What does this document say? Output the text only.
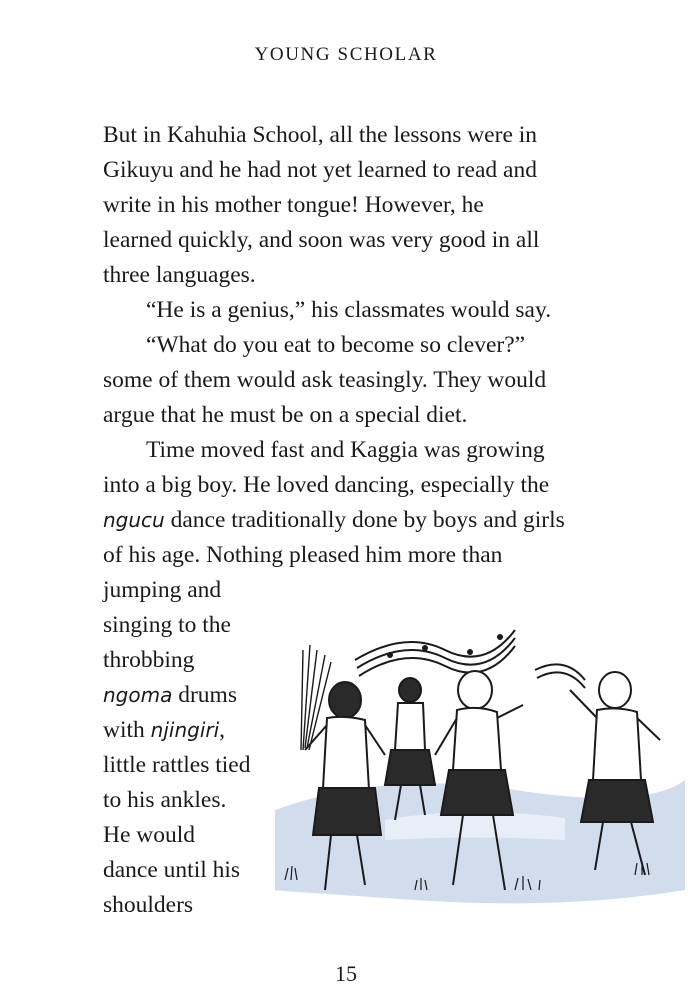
YOUNG SCHOLAR
But in Kahuhia School, all the lessons were in
Gikuyu and he had not yet learned to read and
write in his mother tongue! However, he
learned quickly, and soon was very good in all
three languages.
“He is a genius,” his classmates would say.
“What do you eat to become so clever?”
some of them would ask teasingly. They would
argue that he must be on a special diet.
Time moved fast and Kaggia was growing
into a big boy. He loved dancing, especially the
ngucu dance traditionally done by boys and girls
of his age. Nothing pleased him more than
jumping and
singing to the
throbbing
ngoma drums
with njingiri,
little rattles tied
to his ankles.
He would
dance until his
shoulders
15
